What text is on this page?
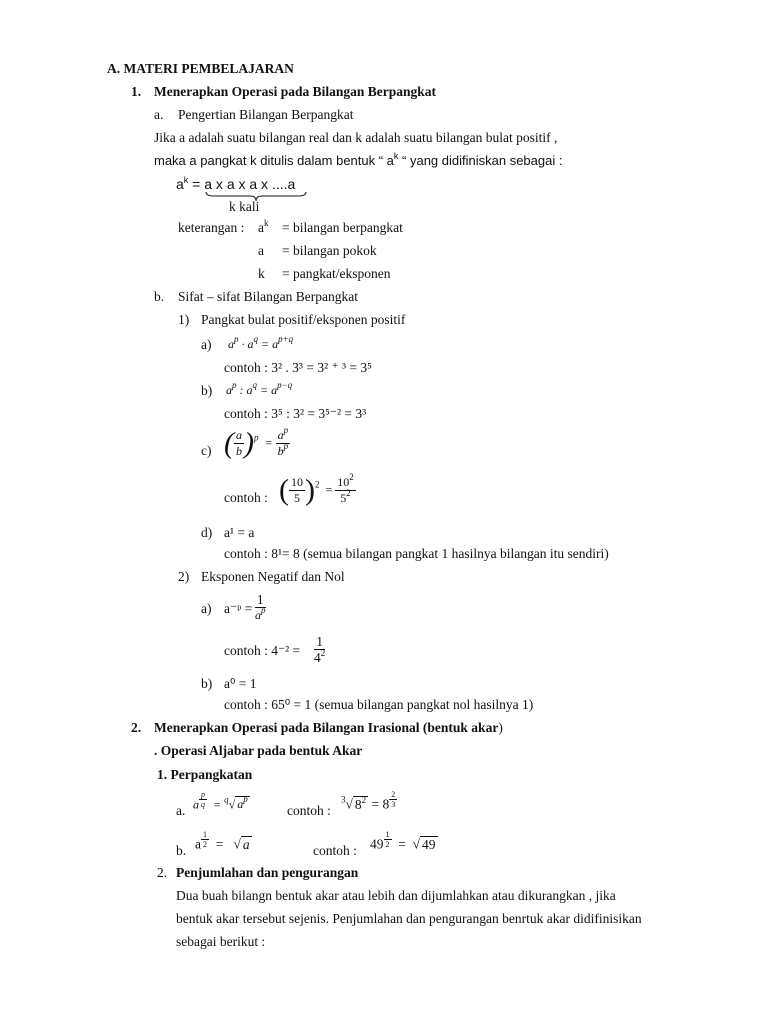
A. MATERI PEMBELAJARAN
1. Menerapkan Operasi pada Bilangan Berpangkat
a. Pengertian Bilangan Berpangkat
Jika a adalah suatu bilangan real dan k adalah suatu bilangan bulat positif ,
maka a pangkat k ditulis dalam bentuk “ $a^k$ “ yang didifiniskan sebagai :
$a^k = a$ x a x a x ....a
k kali
keterangan : $a^k$ = bilangan berpangkat
a = bilangan pokok
k = pangkat/eksponen
b. Sifat – sifat Bilangan Berpangkat
1) Pangkat bulat positif/eksponen positif
a) $a^p \cdot a^q = a^{p+q}$
contoh : 3² . 3³ = 3² ⁺ ³ = 3⁵
b) $a^p$ : $a^q = a^{p-q}$
contoh : 3⁵ : 3² = 3⁵⁻² = 3³
c) ( $\frac{a}{b} )^p = \frac{a^p}{b^p}$
contoh : ( $\frac{10}{5} )^2 = \frac{10^2}{5^2}$
d) a¹ = a
contoh : 8¹= 8 (semua bilangan pangkat 1 hasilnya bilangan itu sendiri)
2) Eksponen Negatif dan Nol
a) a⁻ᵖ = $\frac{1}{a^p}$
contoh : $4^{-2} = \frac{1}{4^2}$
b) a⁰ = 1
contoh : 65⁰ = 1 (semua bilangan pangkat nol hasilnya 1)
2. Menerapkan Operasi pada Bilangan Irasional (bentuk akar)
. Operasi Aljabar pada bentuk Akar
1. Perpangkatan
a. a $\frac{p}{q} = ^q√$ $a^p$
contoh :
$^3$√ $8^2 = 8 \frac{2}{3}$
b. a $\frac{1}{2}$ =   √ a	contoh : $49 \frac{1}{2}$ =  √ 49
2. Penjumlahan dan pengurangan
Dua buah bilangn bentuk akar atau lebih dan dijumlahkan atau dikurangkan , jika
bentuk akar tersebut sejenis. Penjumlahan dan pengurangan benrtuk akar didifinisikan
sebagai berikut :
